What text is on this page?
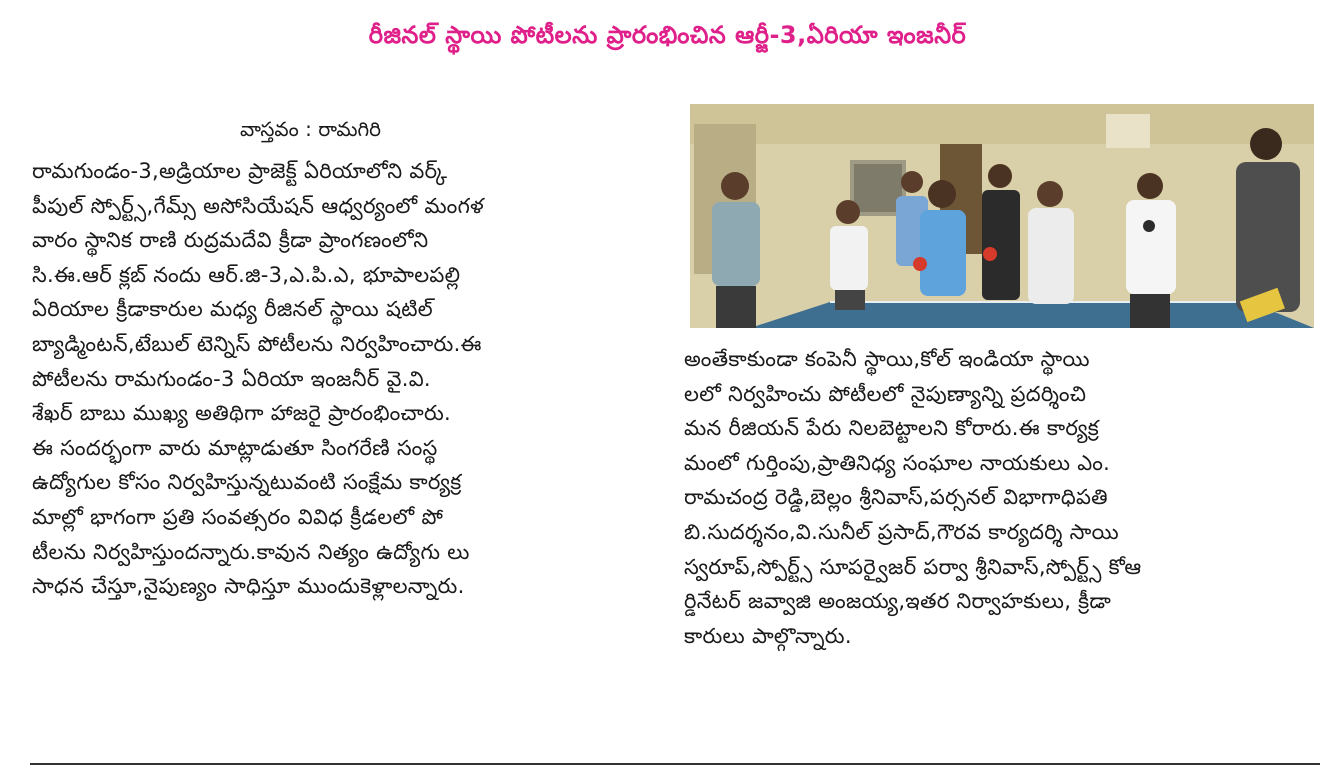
రీజినల్ స్థాయి పోటీలను ప్రారంభించిన ఆర్జీ-3,ఏరియా ఇంజనీర్
వాస్తవం : రామగిరి
రామగుండం-3,అడ్రియాల ప్రాజెక్ట్ ఏరియాలోని వర్క్
పీపుల్ స్పోర్ట్స్,గేమ్స్ అసోసియేషన్ ఆధ్వర్యంలో మంగళ
వారం స్థానిక రాణి రుద్రమదేవి క్రీడా ప్రాంగణంలోని
సి.ఈ.ఆర్ క్లబ్ నందు ఆర్.జి-3,ఎ.పి.ఎ, భూపాలపల్లి
ఏరియాల క్రీడాకారుల మధ్య రీజినల్ స్థాయి షటిల్
బ్యాడ్మింటన్,టేబుల్ టెన్నిస్ పోటీలను నిర్వహించారు.ఈ
పోటీలను రామగుండం-3 ఏరియా ఇంజనీర్ వై.వి.
శేఖర్ బాబు ముఖ్య అతిథిగా హాజరై ప్రారంభించారు.
ఈ సందర్భంగా వారు మాట్లాడుతూ సింగరేణి సంస్థ
ఉద్యోగుల కోసం నిర్వహిస్తున్నటువంటి సంక్షేమ కార్యక్ర
మాల్లో భాగంగా ప్రతి సంవత్సరం వివిధ క్రీడలలో పో
టీలను నిర్వహిస్తుందన్నారు.కావున నిత్యం ఉద్యోగు లు
సాధన చేస్తూ,నైపుణ్యం సాధిస్తూ ముందుకెళ్లాలన్నారు.
అంతేకాకుండా కంపెనీ స్థాయి,కోల్ ఇండియా స్థాయి
లలో నిర్వహించు పోటీలలో నైపుణ్యాన్ని ప్రదర్శించి
మన రీజియన్ పేరు నిలబెట్టాలని కోరారు.ఈ కార్యక్ర
మంలో గుర్తింపు,ప్రాతినిధ్య సంఘాల నాయకులు ఎం.
రామచంద్ర రెడ్డి,బెల్లం శ్రీనివాస్,పర్సనల్ విభాగాధిపతి
బి.సుదర్శనం,వి.సునీల్ ప్రసాద్,గౌరవ కార్యదర్శి సాయి
స్వరూప్,స్పోర్ట్స్ సూపర్వైజర్ పర్వా శ్రీనివాస్,స్పోర్ట్స్ కోఆ
ర్డినేటర్ జవ్వాజి అంజయ్య,ఇతర నిర్వాహకులు, క్రీడా
కారులు పాల్గొన్నారు.
